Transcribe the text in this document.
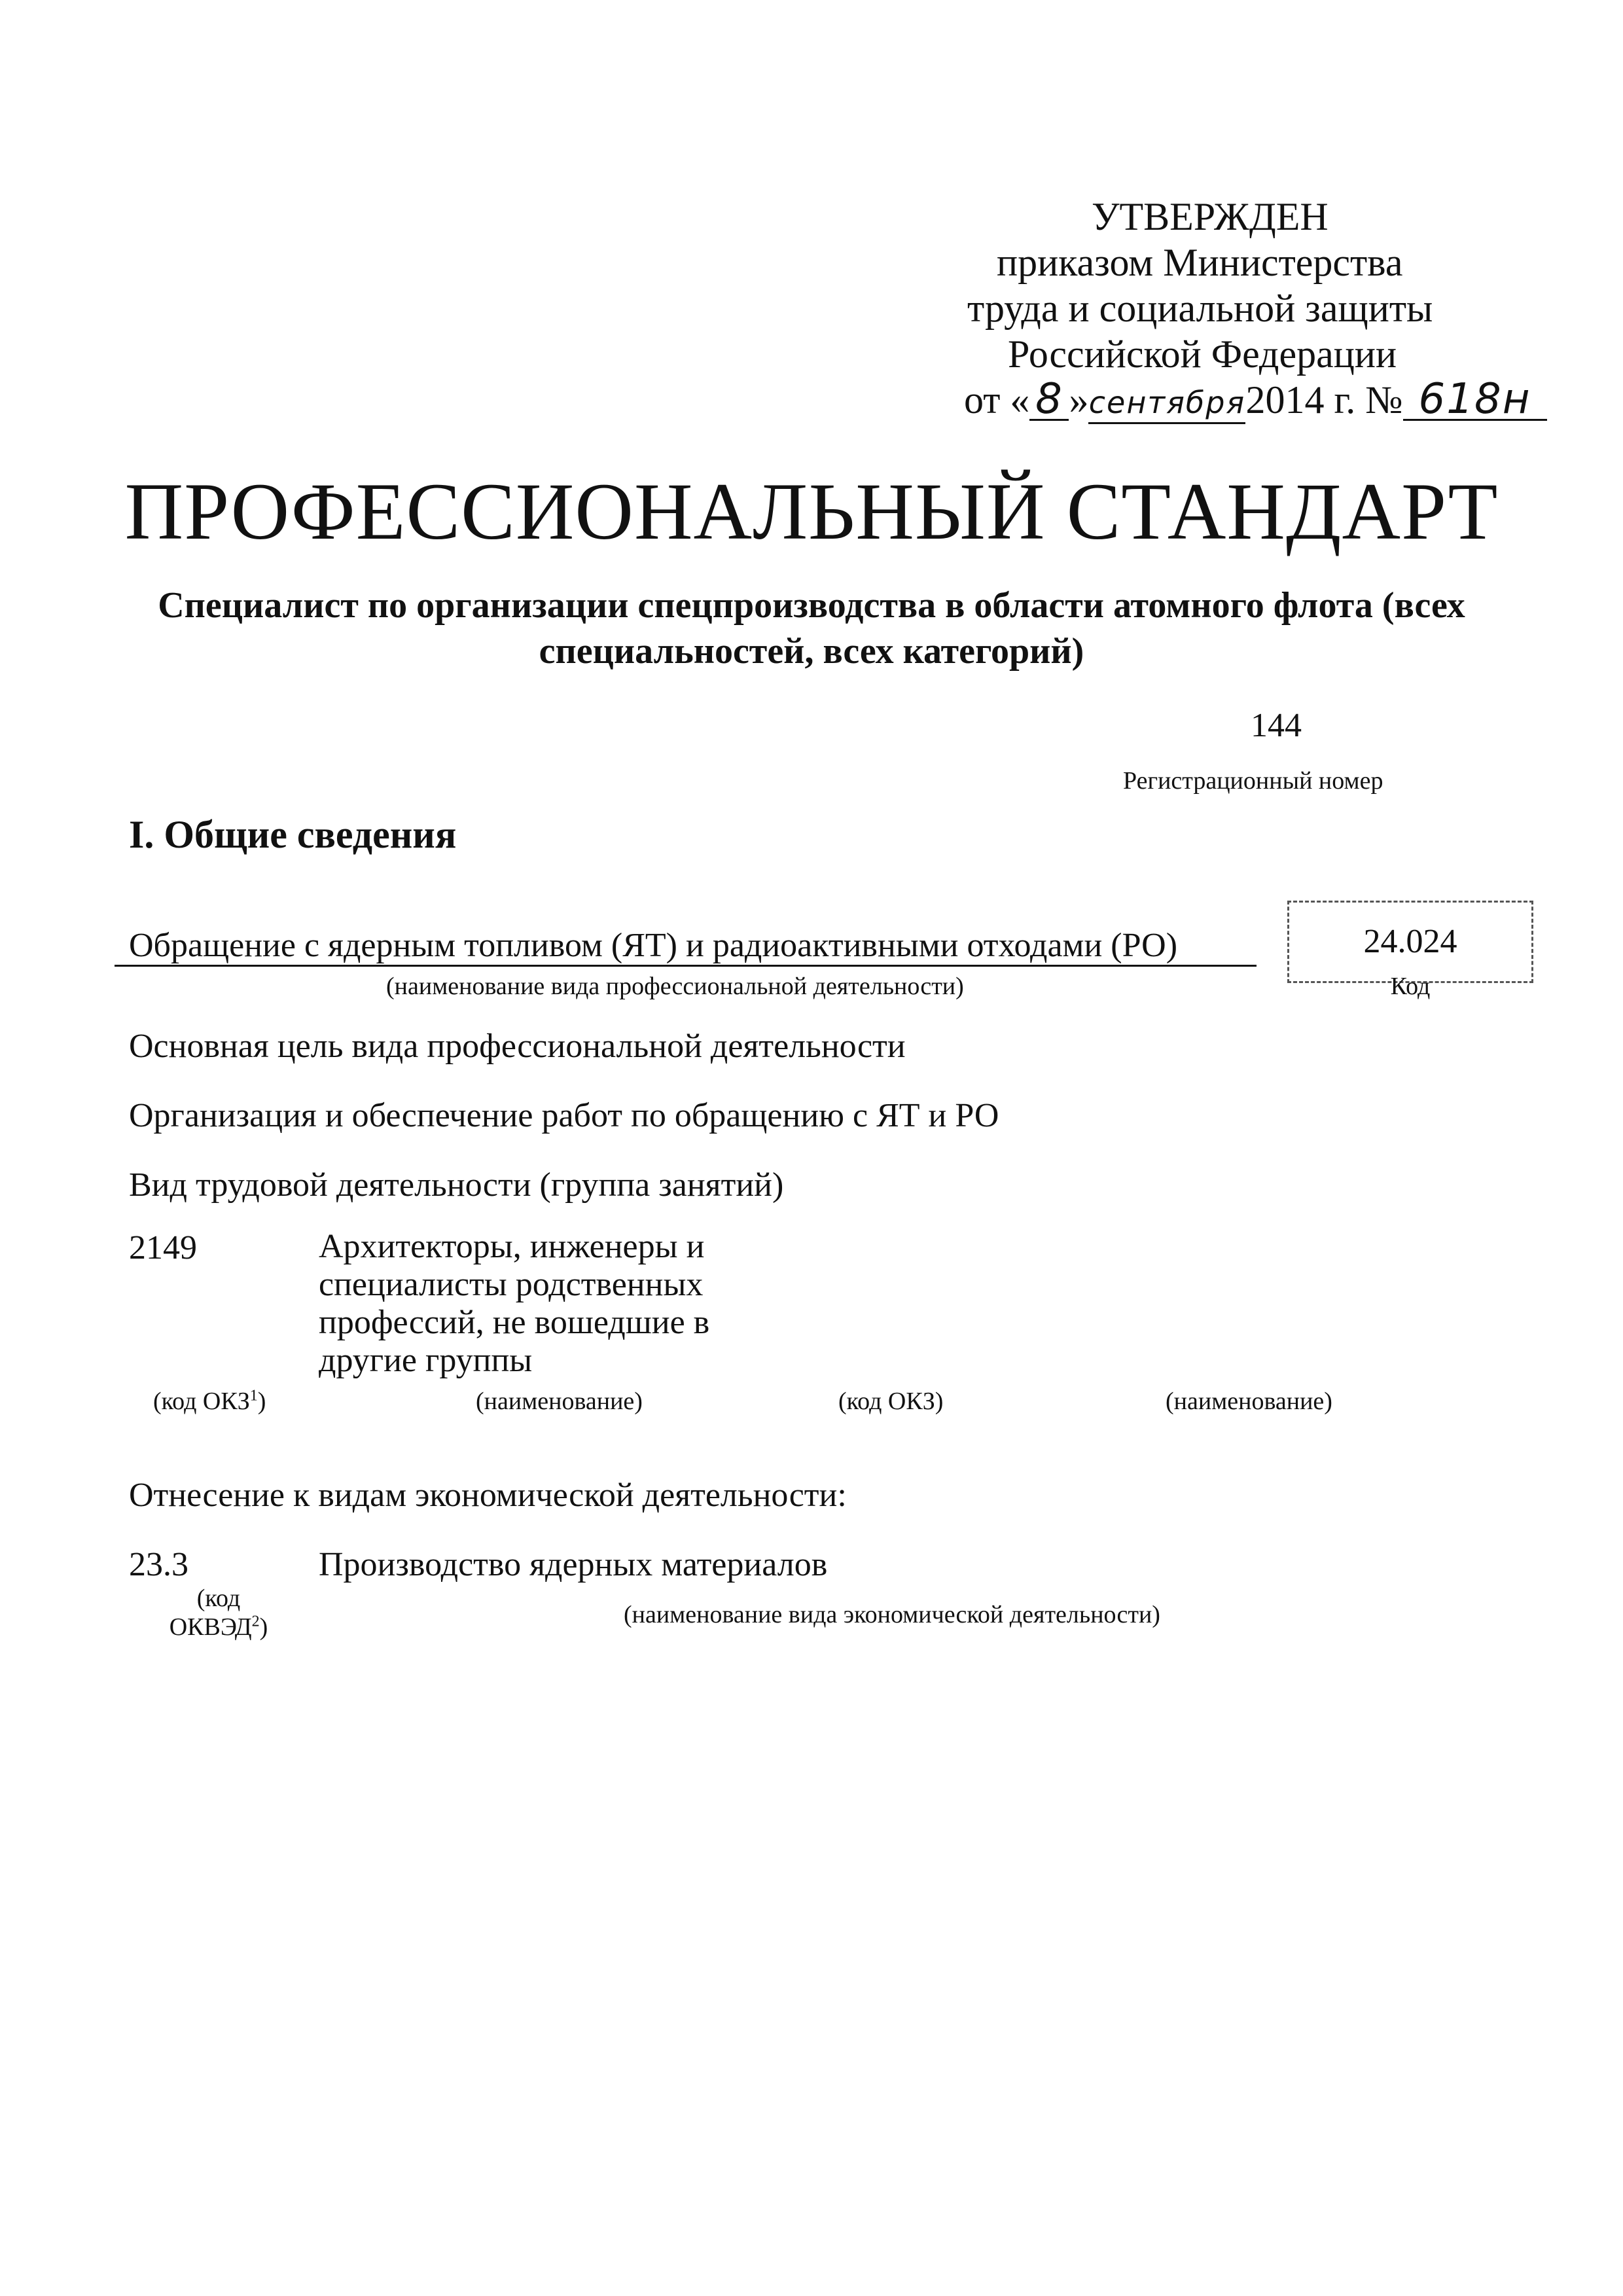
УТВЕРЖДЕН
приказом Министерства
труда и социальной защиты
Российской Федерации
от « 8 »сентября2014 г. № 618н
ПРОФЕССИОНАЛЬНЫЙ СТАНДАРТ
Специалист по организации спецпроизводства в области атомного флота (всех
специальностей, всех категорий)
144
Регистрационный номер
I. Общие сведения
Обращение с ядерным топливом (ЯТ) и радиоактивными отходами (РО)
(наименование вида профессиональной деятельности)
24.024
Код
Основная цель вида профессиональной деятельности
Организация и обеспечение работ по обращению с ЯТ и РО
Вид трудовой деятельности (группа занятий)
2149	Архитекторы, инженеры и
специалисты родственных
профессий, не вошедшие в
другие группы
(код ОКЗ$^1$)	(наименование)	(код ОКЗ)	(наименование)
Отнесение к видам экономической деятельности:
23.3	Производство ядерных материалов
(код
ОКВЭД$^2$)	(наименование вида экономической деятельности)
